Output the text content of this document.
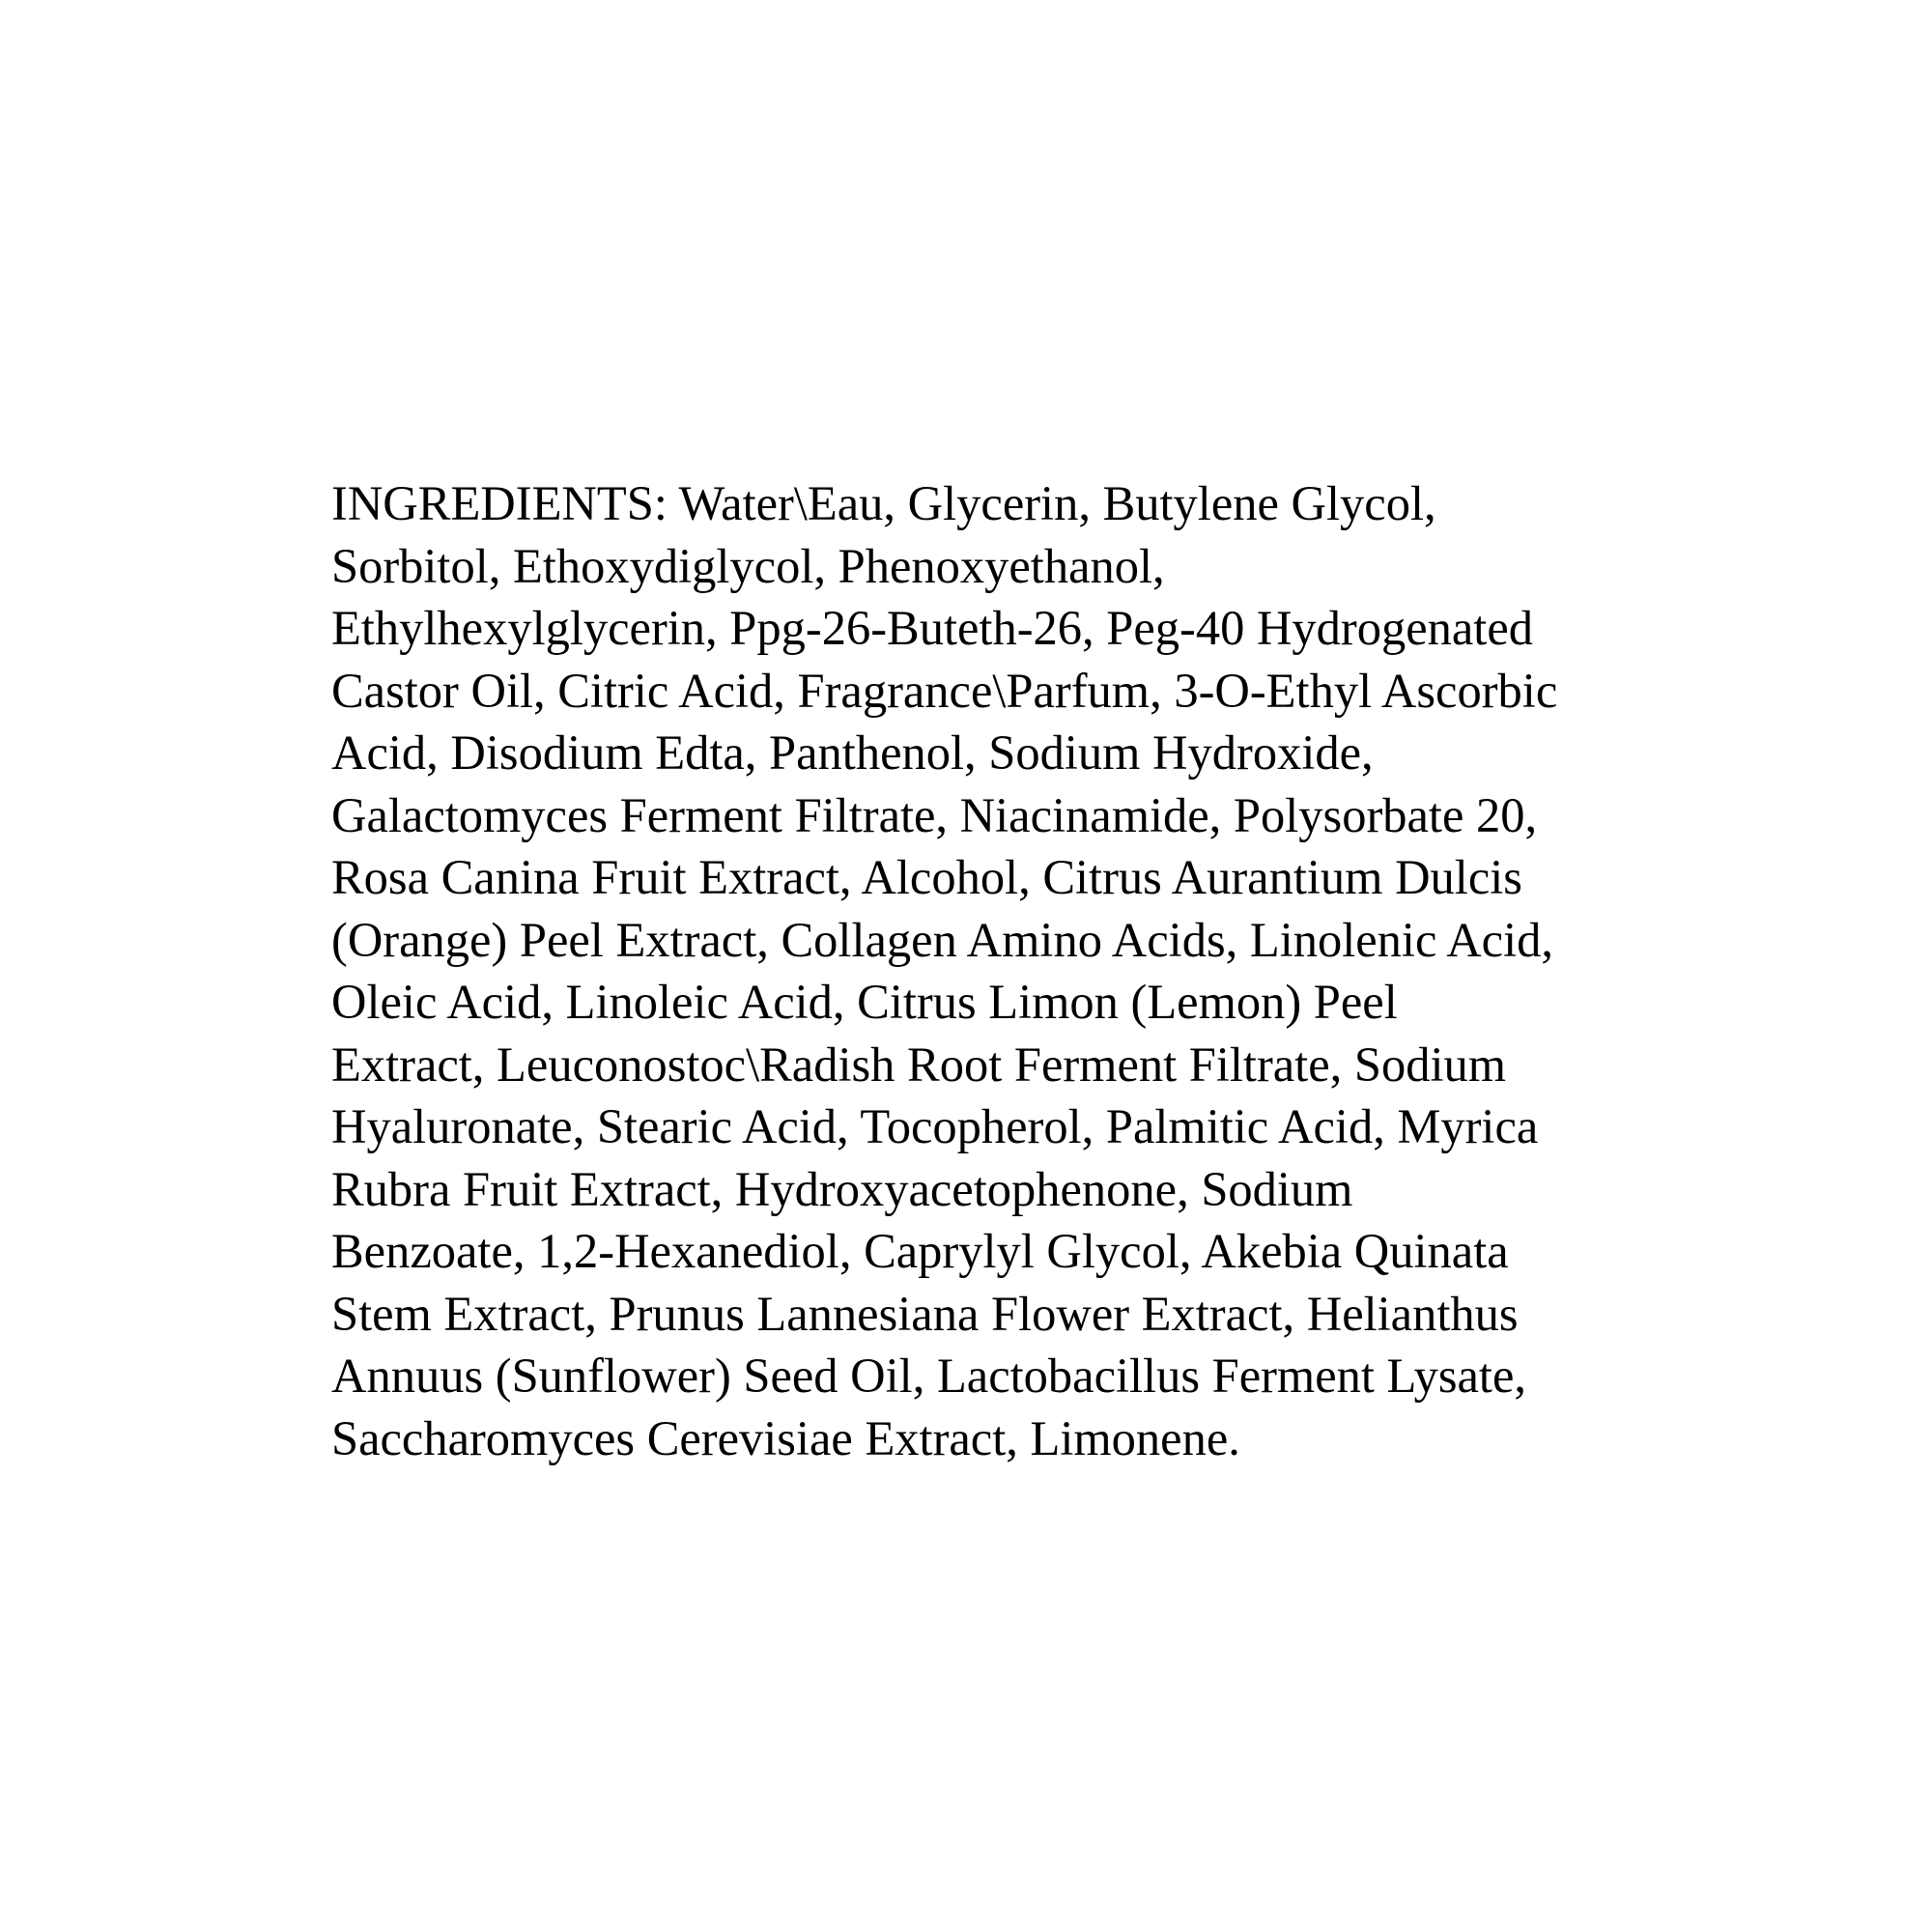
INGREDIENTS: Water\Eau, Glycerin, Butylene Glycol,
Sorbitol, Ethoxydiglycol, Phenoxyethanol,
Ethylhexylglycerin, Ppg-26-Buteth-26, Peg-40 Hydrogenated
Castor Oil, Citric Acid, Fragrance\Parfum, 3-O-Ethyl Ascorbic
Acid, Disodium Edta, Panthenol, Sodium Hydroxide,
Galactomyces Ferment Filtrate, Niacinamide, Polysorbate 20,
Rosa Canina Fruit Extract, Alcohol, Citrus Aurantium Dulcis
(Orange) Peel Extract, Collagen Amino Acids, Linolenic Acid,
Oleic Acid, Linoleic Acid, Citrus Limon (Lemon) Peel
Extract, Leuconostoc\Radish Root Ferment Filtrate, Sodium
Hyaluronate, Stearic Acid, Tocopherol, Palmitic Acid, Myrica
Rubra Fruit Extract, Hydroxyacetophenone, Sodium
Benzoate, 1,2-Hexanediol, Caprylyl Glycol, Akebia Quinata
Stem Extract, Prunus Lannesiana Flower Extract, Helianthus
Annuus (Sunflower) Seed Oil, Lactobacillus Ferment Lysate,
Saccharomyces Cerevisiae Extract, Limonene.
